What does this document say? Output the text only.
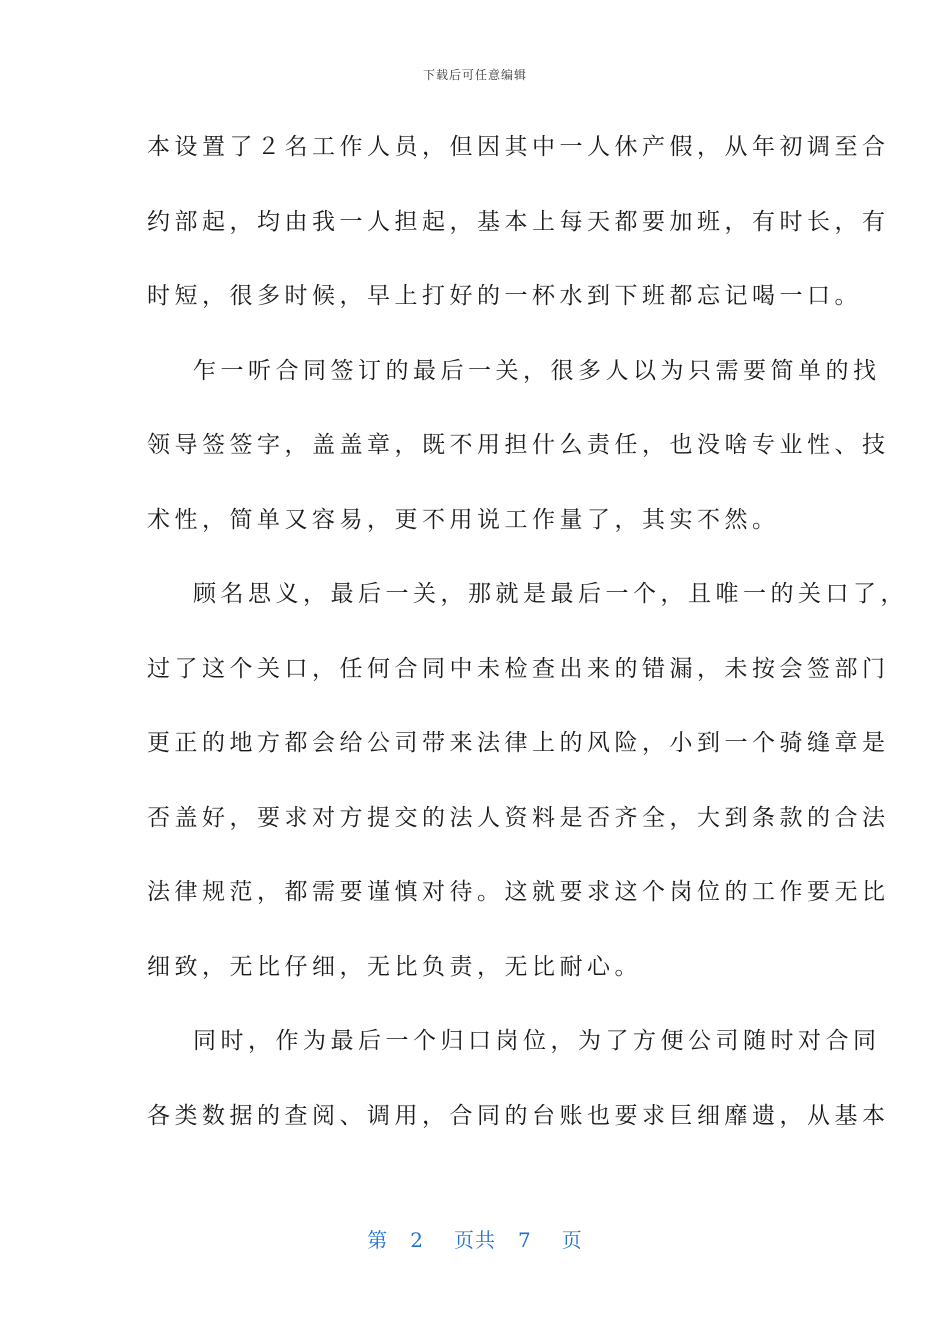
下载后可任意编辑
本设置了２名工作人员，但因其中一人休产假，从年初调至合
约部起，均由我一人担起，基本上每天都要加班，有时长，有
时短，很多时候，早上打好的一杯水到下班都忘记喝一口。
乍一听合同签订的最后一关，很多人以为只需要简单的找
领导签签字，盖盖章，既不用担什么责任，也没啥专业性、技
术性，简单又容易，更不用说工作量了，其实不然。
顾名思义，最后一关，那就是最后一个，且唯一的关口了，
过了这个关口，任何合同中未检查出来的错漏，未按会签部门
更正的地方都会给公司带来法律上的风险，小到一个骑缝章是
否盖好，要求对方提交的法人资料是否齐全，大到条款的合法
法律规范，都需要谨慎对待。这就要求这个岗位的工作要无比
细致，无比仔细，无比负责，无比耐心。
同时，作为最后一个归口岗位，为了方便公司随时对合同
各类数据的查阅、调用，合同的台账也要求巨细靡遗，从基本
第 2 页共 7 页
